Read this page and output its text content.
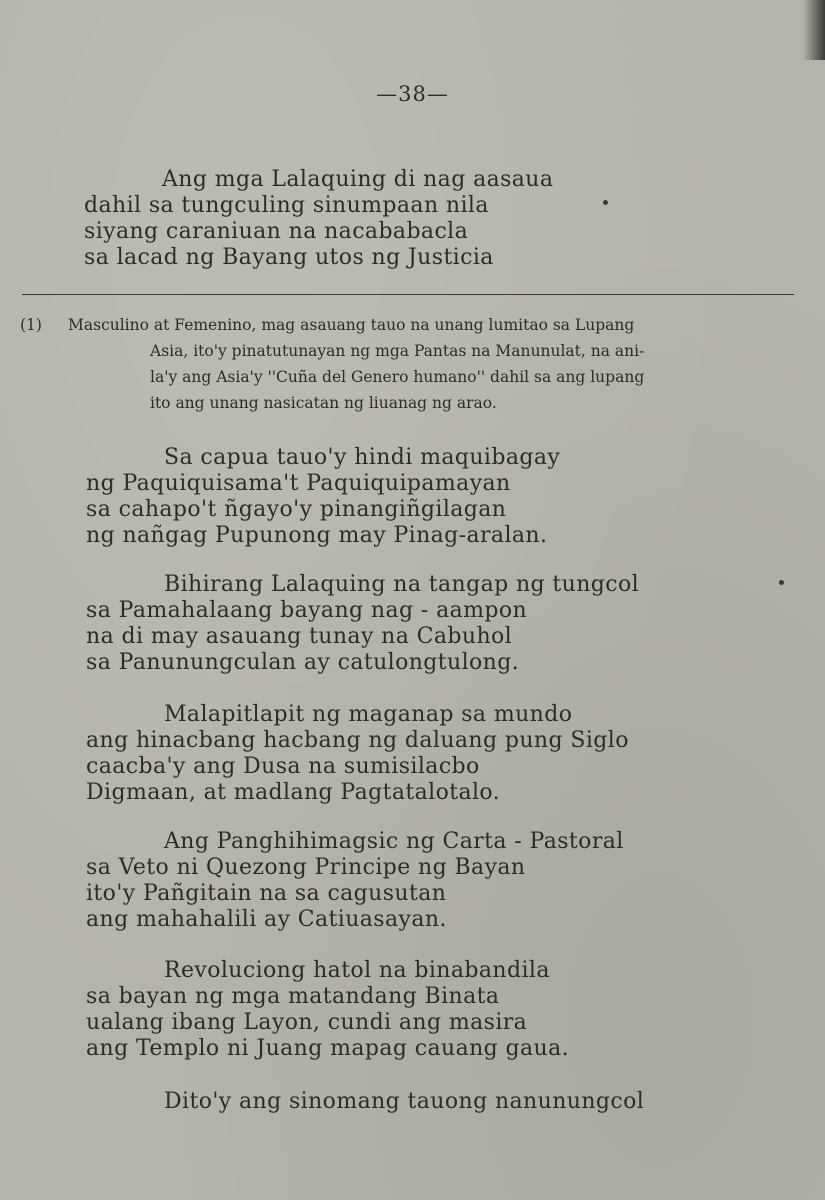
—38—
Ang mga Lalaquing di nag aasaua
dahil sa tungculing sinumpaan nila
siyang caraniuan na nacababacla
sa lacad ng Bayang utos ng Justicia
(1) Masculino at Femenino, mag asauang tauo na unang lumitao sa Lupang
Asia, ito'y pinatutunayan ng mga Pantas na Manunulat, na ani-
la'y ang Asia'y ''Cuña del Genero humano'' dahil sa ang lupang
ito ang unang nasicatan ng liuanag ng arao.
Sa capua tauo'y hindi maquibagay
ng Paquiquisama't Paquiquipamayan
sa cahapo't ñgayo'y pinangiñgilagan
ng nañgag Pupunong may Pinag-aralan.
Bihirang Lalaquing na tangap ng tungcol
sa Pamahalaang bayang nag - aampon
na di may asauang tunay na Cabuhol
sa Panunungculan ay catulongtulong.
Malapitlapit ng maganap sa mundo
ang hinacbang hacbang ng daluang pung Siglo
caacba'y ang Dusa na sumisilacbo
Digmaan, at madlang Pagtatalotalo.
Ang Panghihimagsic ng Carta - Pastoral
sa Veto ni Quezong Principe ng Bayan
ito'y Pañgitain na sa cagusutan
ang mahahalili ay Catiuasayan.
Revoluciong hatol na binabandila
sa bayan ng mga matandang Binata
ualang ibang Layon, cundi ang masira
ang Templo ni Juang mapag cauang gaua.
Dito'y ang sinomang tauong nanunungcol
